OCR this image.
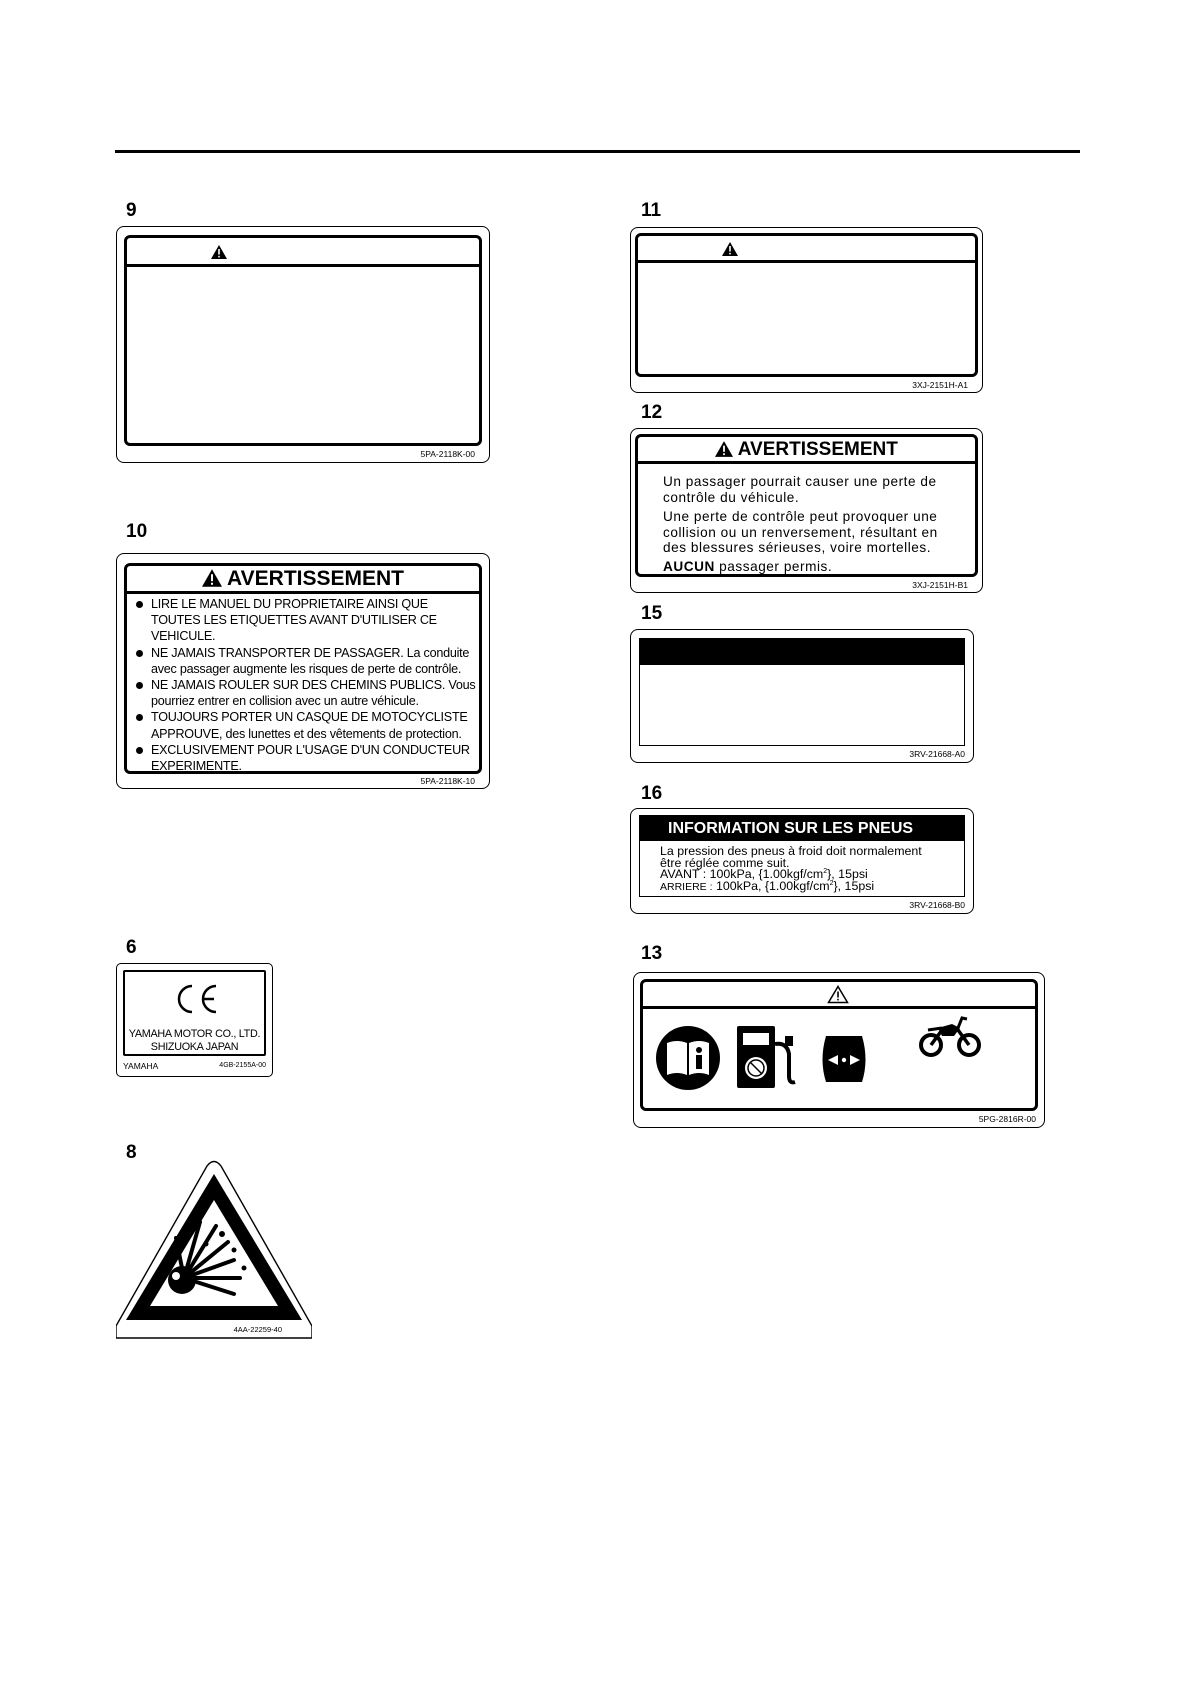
9
5PA-2118K-00
10
AVERTISSEMENT
LIRE LE MANUEL DU PROPRIETAIRE AINSI QUE TOUTES LES ETIQUETTES AVANT D'UTILISER CE VEHICULE.
NE JAMAIS TRANSPORTER DE PASSAGER. La conduite avec passager augmente les risques de perte de contrôle.
NE JAMAIS ROULER SUR DES CHEMINS PUBLICS. Vous pourriez entrer en collision avec un autre véhicule.
TOUJOURS PORTER UN CASQUE DE MOTOCYCLISTE APPROUVE, des lunettes et des vêtements de protection.
EXCLUSIVEMENT POUR L'USAGE D'UN CONDUCTEUR EXPERIMENTE.
5PA-2118K-10
6
YAMAHA MOTOR CO., LTD.
SHIZUOKA JAPAN
YAMAHA	4GB-2155A-00
8
4AA-22259-40
11
3XJ-2151H-A1
12
AVERTISSEMENT
Un passager pourrait causer une perte de contrôle du véhicule.
Une perte de contrôle peut provoquer une collision ou un renversement, résultant en des blessures sérieuses, voire mortelles.
AUCUN passager permis.
3XJ-2151H-B1
15
3RV-21668-A0
16
INFORMATION SUR LES PNEUS
La pression des pneus à froid doit normalement
être réglée comme suit.
AVANT : 100kPa, $\{1.00kgf/cm^2\}$, 15psi
ARRIERE : 100kPa, $\{1.00kgf/cm^2\}$, 15psi
3RV-21668-B0
13
5PG-2816R-00
